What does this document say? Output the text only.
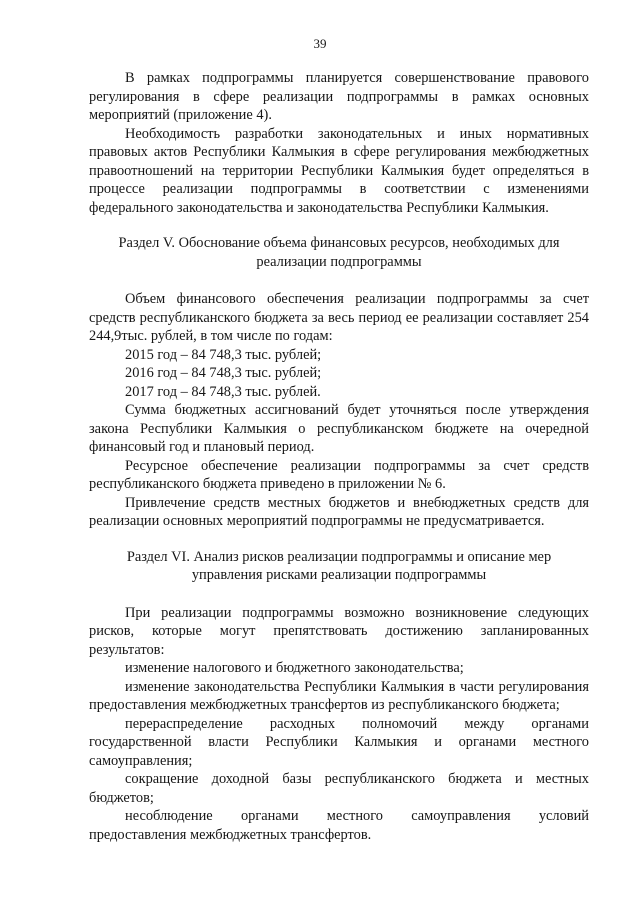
39

В рамках подпрограммы планируется совершенствование правового регулирования в сфере реализации подпрограммы в рамках основных мероприятий (приложение 4).

Необходимость разработки законодательных и иных нормативных правовых актов Республики Калмыкия в сфере регулирования межбюджетных правоотношений на территории Республики Калмыкия будет определяться в процессе реализации подпрограммы в соответствии с изменениями федерального законодательства и законодательства Республики Калмыкия.

Раздел V. Обоснование объема финансовых ресурсов, необходимых для
реализации подпрограммы

Объем финансового обеспечения реализации подпрограммы за счет средств республиканского бюджета за весь период ее реализации составляет 254 244,9тыс. рублей, в том числе по годам:

2015 год – 84 748,3 тыс. рублей;

2016 год – 84 748,3 тыс. рублей;

2017 год – 84 748,3 тыс. рублей.

Сумма бюджетных ассигнований будет уточняться после утверждения закона Республики Калмыкия о республиканском бюджете на очередной финансовый год и плановый период.

Ресурсное обеспечение реализации подпрограммы за счет средств республиканского бюджета приведено в приложении № 6.

Привлечение средств местных бюджетов и внебюджетных средств для реализации основных мероприятий подпрограммы не предусматривается.

Раздел VI. Анализ рисков реализации подпрограммы и описание мер
управления рисками реализации подпрограммы

При реализации подпрограммы возможно возникновение следующих рисков, которые могут препятствовать достижению запланированных результатов:

изменение налогового и бюджетного законодательства;

изменение законодательства Республики Калмыкия в части регулирования предоставления межбюджетных трансфертов из республиканского бюджета;

перераспределение расходных полномочий между органами государственной власти Республики Калмыкия и органами местного самоуправления;

сокращение доходной базы республиканского бюджета и местных бюджетов;

несоблюдение органами местного самоуправления условий предоставления межбюджетных трансфертов.
